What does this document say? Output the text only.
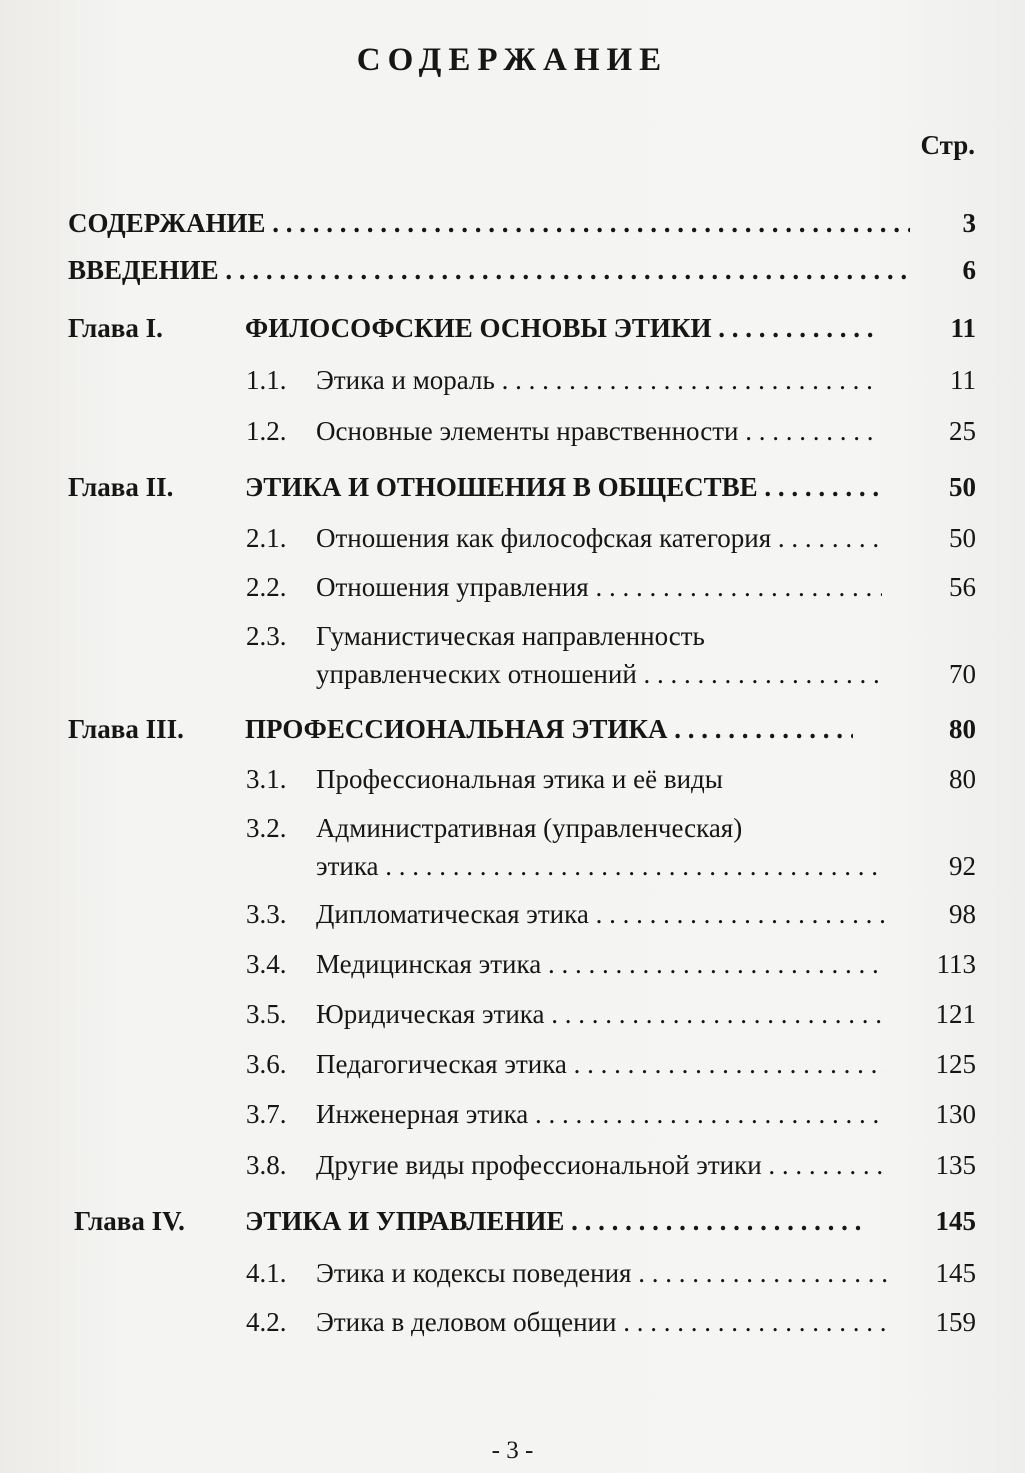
СОДЕРЖАНИЕ
Стр.
СОДЕРЖАНИЕ . . .	3
ВВЕДЕНИЕ . . .	6
Глава I.	ФИЛОСОФСКИЕ ОСНОВЫ ЭТИКИ . . .	11
1.1. Этика и мораль . . .	11
1.2. Основные элементы нравственности . . .	25
Глава II.	ЭТИКА И ОТНОШЕНИЯ В ОБЩЕСТВЕ . . .	50
2.1. Отношения как философская категория . . .	50
2.2. Отношения управления . . .	56
2.3. Гуманистическая направленность
управленческих отношений . . .	70
Глава III. ПРОФЕССИОНАЛЬНАЯ ЭТИКА . . .	80
3.1. Профессиональная этика и её виды	80
3.2. Административная (управленческая)
этика . . .	92
3.3. Дипломатическая этика . . .	98
3.4. Медицинская этика . . .	113
3.5. Юридическая этика . . .	121
3.6. Педагогическая этика . . .	125
3.7. Инженерная этика . . .	130
3.8. Другие виды профессиональной этики . . .	135
Глава IV. ЭТИКА И УПРАВЛЕНИЕ . . .	145
4.1. Этика и кодексы поведения . . .	145
4.2. Этика в деловом общении . . .	159
- 3 -
